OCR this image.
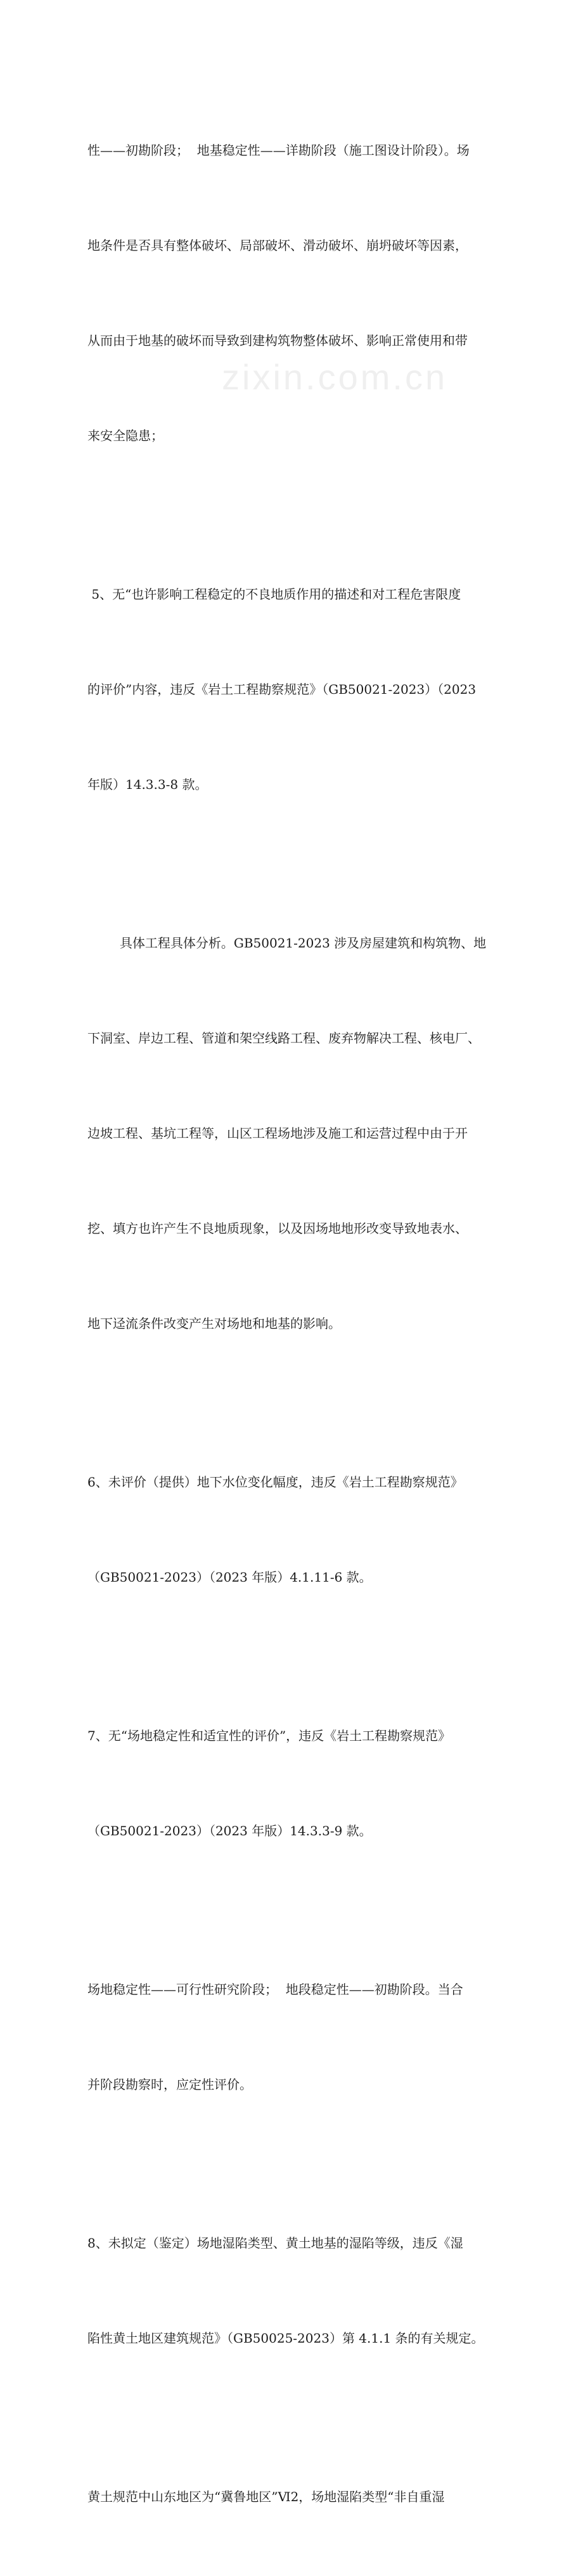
zixin.com.cn

性——初勘阶段；  地基稳定性——详勘阶段（施工图设计阶段）。场

地条件是否具有整体破坏、局部破坏、滑动破坏、崩坍破坏等因素，

从而由于地基的破坏而导致到建构筑物整体破坏、影响正常使用和带

来安全隐患；

5、无“也许影响工程稳定的不良地质作用的描述和对工程危害限度

的评价”内容，违反《岩土工程勘察规范》（GB50021-2023）（2023

年版）14.3.3-8 款。

具体工程具体分析。GB50021-2023 涉及房屋建筑和构筑物、地

下洞室、岸边工程、管道和架空线路工程、废弃物解决工程、核电厂、

边坡工程、基坑工程等，山区工程场地涉及施工和运营过程中由于开

挖、填方也许产生不良地质现象，以及因场地地形改变导致地表水、

地下迳流条件改变产生对场地和地基的影响。

6、未评价（提供）地下水位变化幅度，违反《岩土工程勘察规范》

（GB50021-2023）（2023 年版）4.1.11-6 款。

7、无“场地稳定性和适宜性的评价”，违反《岩土工程勘察规范》

（GB50021-2023）（2023 年版）14.3.3-9 款。

场地稳定性——可行性研究阶段；  地段稳定性——初勘阶段。当合

并阶段勘察时，应定性评价。

8、未拟定（鉴定）场地湿陷类型、黄土地基的湿陷等级，违反《湿

陷性黄土地区建筑规范》（GB50025-2023）第 4.1.1 条的有关规定。

黄土规范中山东地区为“冀鲁地区”Ⅵ2，场地湿陷类型“非自重湿
